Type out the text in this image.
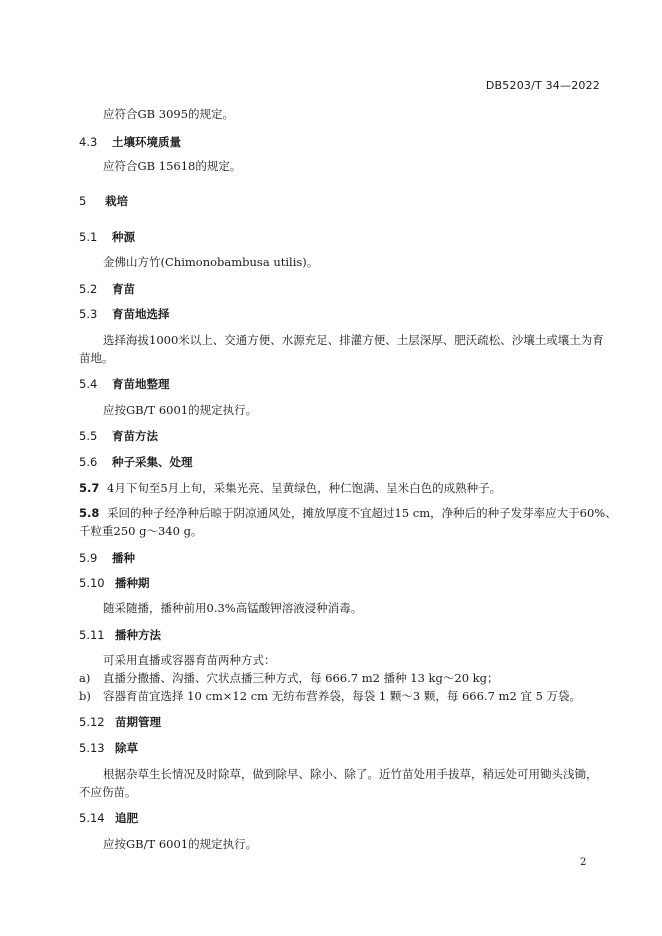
DB5203/T 34—2022
应符合GB 3095的规定。
4.3 土壤环境质量
应符合GB 15618的规定。
5 栽培
5.1 种源
金佛山方竹(Chimonobambusa utilis)。
5.2 育苗
5.3 育苗地选择
选择海拔1000米以上、交通方便、水源充足、排灌方便、土层深厚、肥沃疏松、沙壤土或壤土为育
苗地。
5.4 育苗地整理
应按GB/T 6001的规定执行。
5.5 育苗方法
5.6 种子采集、处理
5.7 4月下旬至5月上旬，采集光亮、呈黄绿色，种仁饱满、呈米白色的成熟种子。
5.8 采回的种子经净种后晾于阴凉通风处，摊放厚度不宜超过15 cm，净种后的种子发芽率应大于60%、
千粒重250 g～340 g。
5.9 播种
5.10 播种期
随采随播，播种前用0.3%高锰酸钾溶液浸种消毒。
5.11 播种方法
可采用直播或容器育苗两种方式：
a) 直播分撒播、沟播、穴状点播三种方式，每 666.7 m2 播种 13 kg～20 kg；
b) 容器育苗宜选择 10 cm×12 cm 无纺布营养袋，每袋 1 颗～3 颗，每 666.7 m2 宜 5 万袋。
5.12 苗期管理
5.13 除草
根据杂草生长情况及时除草，做到除早、除小、除了。近竹苗处用手拔草，稍远处可用锄头浅锄，
不应伤苗。
5.14 追肥
应按GB/T 6001的规定执行。
2
